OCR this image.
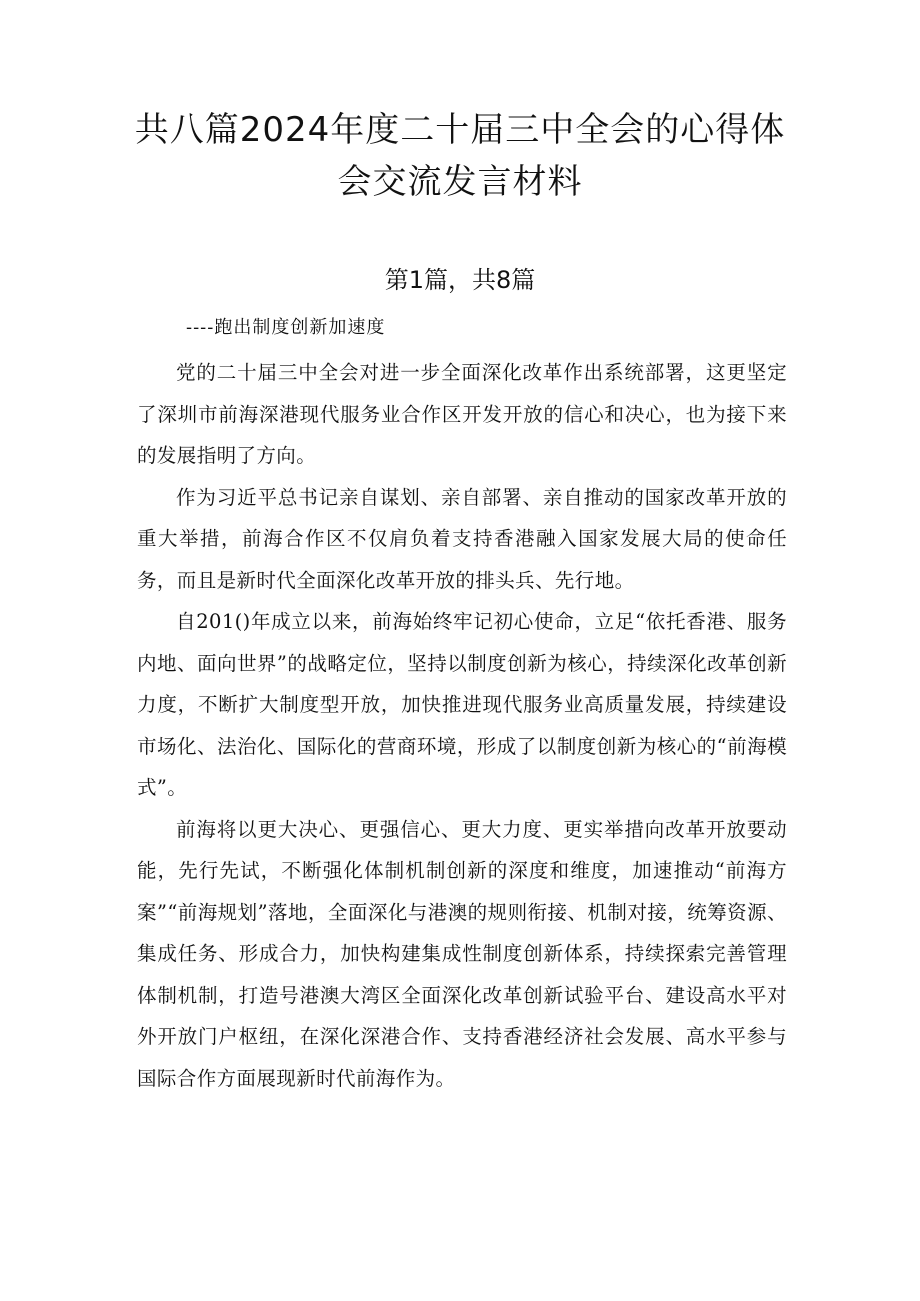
共八篇2024年度二十届三中全会的心得体会交流发言材料
第1篇，共8篇

----跑出制度创新加速度

党的二十届三中全会对进一步全面深化改革作出系统部署，这更坚定了深圳市前海深港现代服务业合作区开发开放的信心和决心，也为接下来的发展指明了方向。

作为习近平总书记亲自谋划、亲自部署、亲自推动的国家改革开放的重大举措，前海合作区不仅肩负着支持香港融入国家发展大局的使命任务，而且是新时代全面深化改革开放的排头兵、先行地。

自201()年成立以来，前海始终牢记初心使命，立足“依托香港、服务内地、面向世界”的战略定位，坚持以制度创新为核心，持续深化改革创新力度，不断扩大制度型开放，加快推进现代服务业高质量发展，持续建设市场化、法治化、国际化的营商环境，形成了以制度创新为核心的“前海模式”。

前海将以更大决心、更强信心、更大力度、更实举措向改革开放要动能，先行先试，不断强化体制机制创新的深度和维度，加速推动“前海方案”“前海规划”落地，全面深化与港澳的规则衔接、机制对接，统筹资源、集成任务、形成合力，加快构建集成性制度创新体系，持续探索完善管理体制机制，打造号港澳大湾区全面深化改革创新试验平台、建设高水平对外开放门户枢纽，在深化深港合作、支持香港经济社会发展、高水平参与国际合作方面展现新时代前海作为。
